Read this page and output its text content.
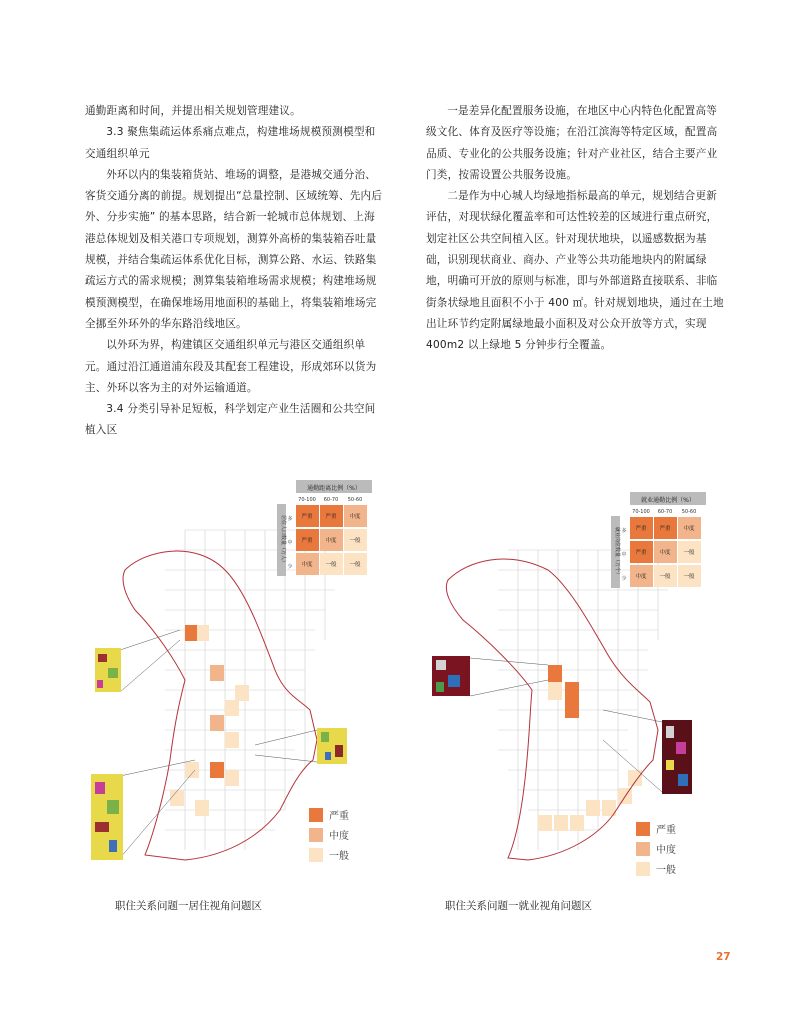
通勤距离和时间，并提出相关规划管理建议。

3.3 聚焦集疏运体系痛点难点，构建堆场规模预测模型和交通组织单元

外环以内的集装箱货站、堆场的调整，是港城交通分治、客货交通分离的前提。规划提出“总量控制、区域统筹、先内后外、分步实施” 的基本思路，结合新一轮城市总体规划、上海港总体规划及相关港口专项规划，测算外高桥的集装箱吞吐量规模，并结合集疏运体系优化目标，测算公路、水运、铁路集疏运方式的需求规模；测算集装箱堆场需求规模；构建堆场规模预测模型，在确保堆场用地面积的基础上，将集装箱堆场完全挪至外环外的华东路沿线地区。

以外环为界，构建镇区交通组织单元与港区交通组织单元。通过沿江通道浦东段及其配套工程建设，形成郊环以货为主、外环以客为主的对外运输通道。

3.4 分类引导补足短板，科学划定产业生活圈和公共空间植入区

一是差异化配置服务设施，在地区中心内特色化配置高等级文化、体育及医疗等设施；在沿江滨海等特定区域，配置高品质、专业化的公共服务设施；针对产业社区，结合主要产业门类，按需设置公共服务设施。

二是作为中心城人均绿地指标最高的单元，规划结合更新评估，对现状绿化覆盖率和可达性较差的区域进行重点研究，划定社区公共空间植入区。针对现状地块，以遥感数据为基础，识别现状商业、商办、产业等公共功能地块内的附属绿地，明确可开放的原则与标准，即与外部道路直接联系、非临街条状绿地且面积不小于 400 ㎡。针对规划地块，通过在土地出让环节约定附属绿地最小面积及对公众开放等方式，实现 400m2 以上绿地 5 分钟步行全覆盖。

严重
中度
一般
通勤距离比例（%）
70-100 60-70 50-60
居住人口数量（万人） 多
中
少
严重 严重 中度
严重 中度 一般
中度 一般 一般
严重
中度
一般
就业通勤比例（%）
70-100 60-70 50-60
就业岗位数量（万个） 多
中
少
严重 严重 中度
严重 中度 一般
中度 一般 一般
职住关系问题一居住视角问题区	职住关系问题一就业视角问题区
27
